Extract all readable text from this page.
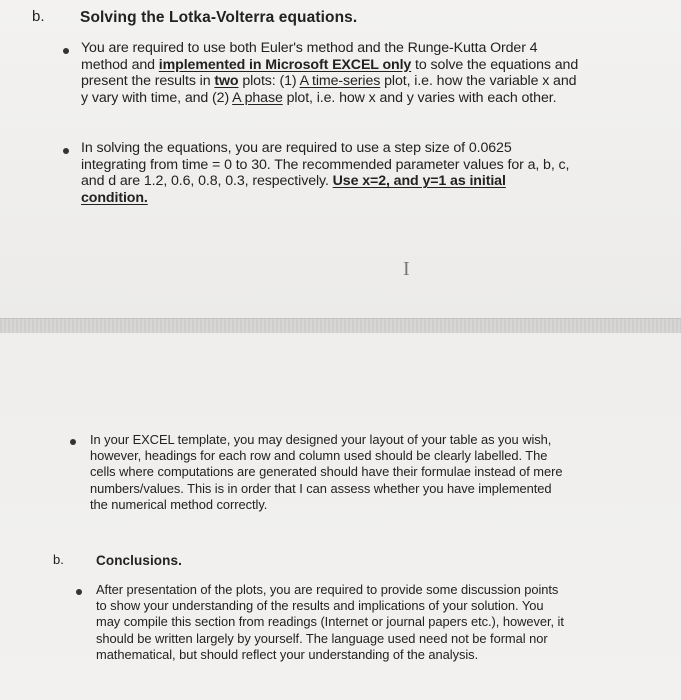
b. Solving the Lotka-Volterra equations.
You are required to use both Euler's method and the Runge-Kutta Order 4 method and implemented in Microsoft EXCEL only to solve the equations and present the results in two plots: (1) A time-series plot, i.e. how the variable x and y vary with time, and (2) A phase plot, i.e. how x and y varies with each other.
In solving the equations, you are required to use a step size of 0.0625 integrating from time = 0 to 30. The recommended parameter values for a, b, c, and d are 1.2, 0.6, 0.8, 0.3, respectively. Use x=2, and y=1 as initial condition.
I
In your EXCEL template, you may designed your layout of your table as you wish, however, headings for each row and column used should be clearly labelled. The cells where computations are generated should have their formulae instead of mere numbers/values. This is in order that I can assess whether you have implemented the numerical method correctly.
b. Conclusions.
After presentation of the plots, you are required to provide some discussion points to show your understanding of the results and implications of your solution. You may compile this section from readings (Internet or journal papers etc.), however, it should be written largely by yourself. The language used need not be formal nor mathematical, but should reflect your understanding of the analysis.
